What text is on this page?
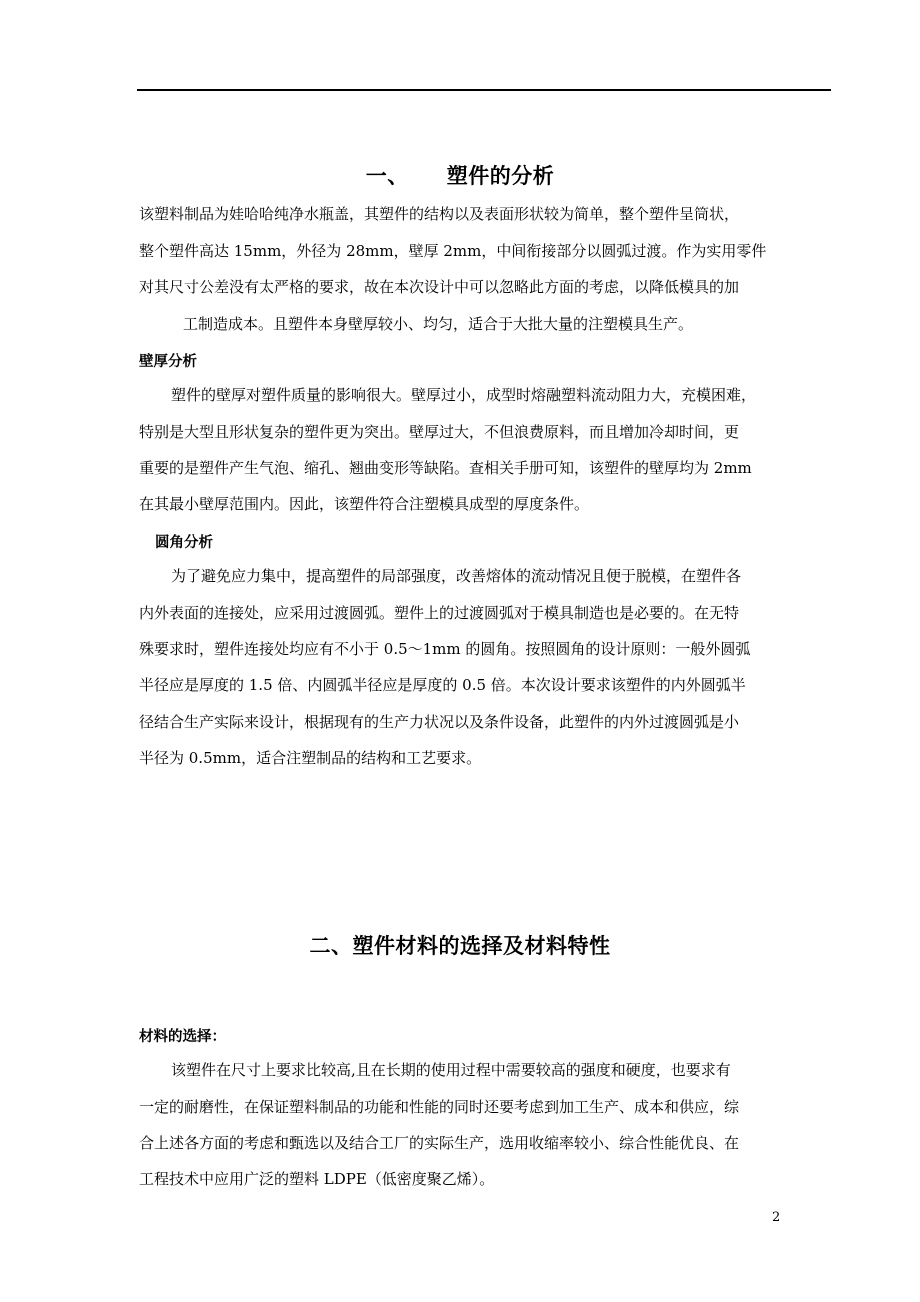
一、 塑件的分析
该塑料制品为娃哈哈纯净水瓶盖，其塑件的结构以及表面形状较为简单，整个塑件呈筒状，
整个塑件高达 15mm，外径为 28mm，壁厚 2mm，中间衔接部分以圆弧过渡。作为实用零件
对其尺寸公差没有太严格的要求，故在本次设计中可以忽略此方面的考虑，以降低模具的加
工制造成本。且塑件本身壁厚较小、均匀，适合于大批大量的注塑模具生产。
壁厚分析
塑件的壁厚对塑件质量的影响很大。壁厚过小，成型时熔融塑料流动阻力大，充模困难，
特别是大型且形状复杂的塑件更为突出。壁厚过大，不但浪费原料，而且增加冷却时间，更
重要的是塑件产生气泡、缩孔、翘曲变形等缺陷。查相关手册可知，该塑件的壁厚均为 2mm
在其最小壁厚范围内。因此，该塑件符合注塑模具成型的厚度条件。
圆角分析
为了避免应力集中，提高塑件的局部强度，改善熔体的流动情况且便于脱模，在塑件各
内外表面的连接处，应采用过渡圆弧。塑件上的过渡圆弧对于模具制造也是必要的。在无特
殊要求时，塑件连接处均应有不小于 0.5～1mm 的圆角。按照圆角的设计原则：一般外圆弧
半径应是厚度的 1.5 倍、内圆弧半径应是厚度的 0.5 倍。本次设计要求该塑件的内外圆弧半
径结合生产实际来设计，根据现有的生产力状况以及条件设备，此塑件的内外过渡圆弧是小
半径为 0.5mm，适合注塑制品的结构和工艺要求。
二、塑件材料的选择及材料特性
材料的选择：
该塑件在尺寸上要求比较高,且在长期的使用过程中需要较高的强度和硬度，也要求有
一定的耐磨性，在保证塑料制品的功能和性能的同时还要考虑到加工生产、成本和供应，综
合上述各方面的考虑和甄选以及结合工厂的实际生产，选用收缩率较小、综合性能优良、在
工程技术中应用广泛的塑料 LDPE（低密度聚乙烯）。
2
